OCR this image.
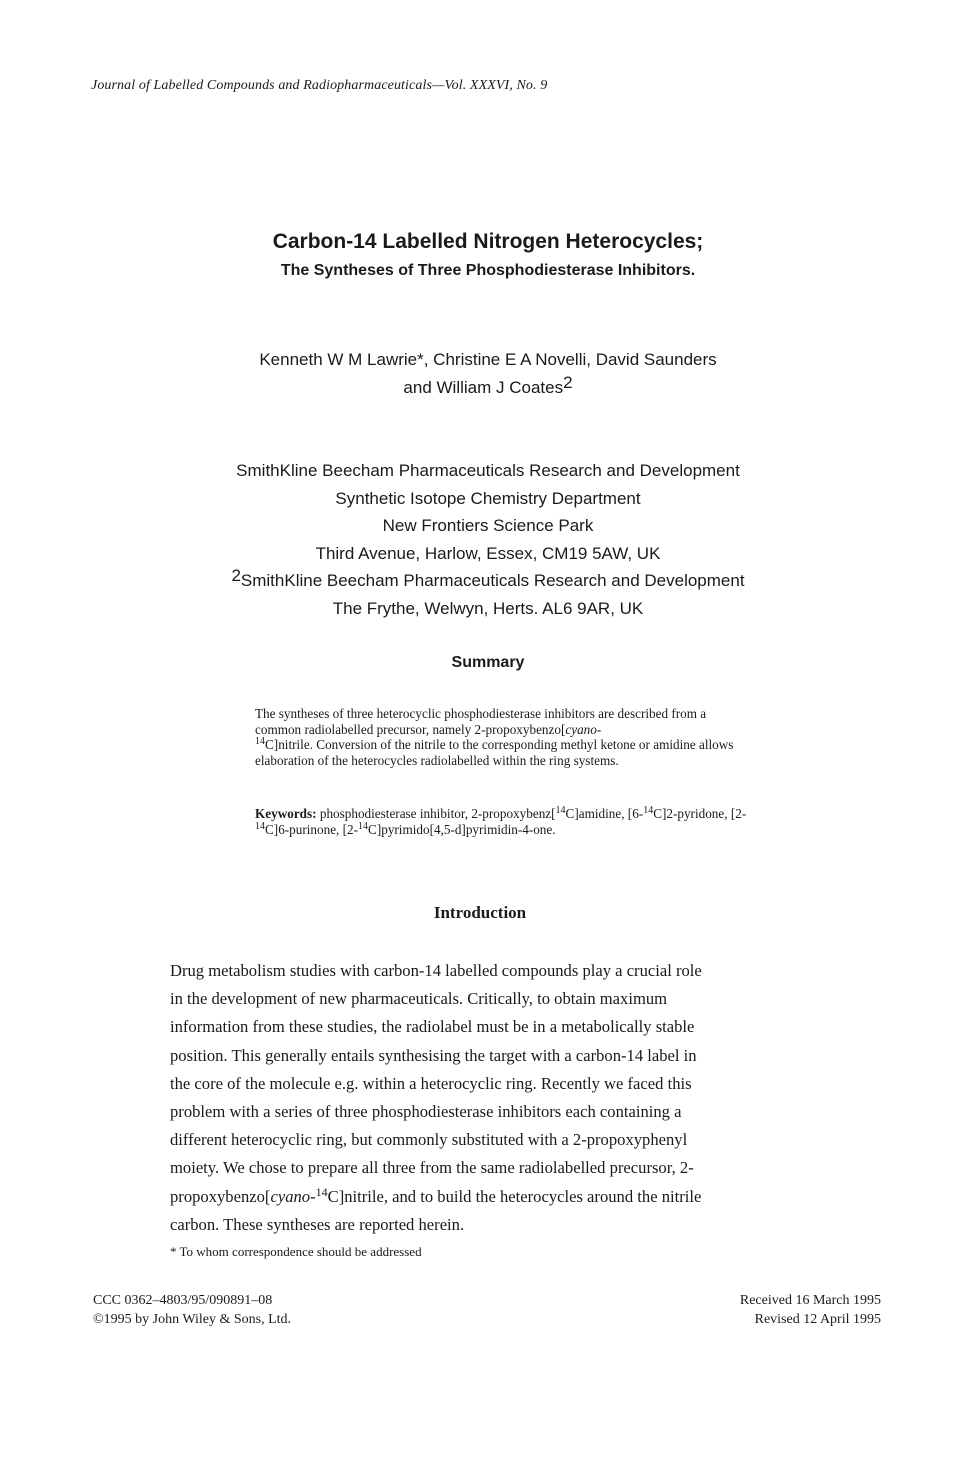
Journal of Labelled Compounds and Radiopharmaceuticals—Vol. XXXVI, No. 9
Carbon-14 Labelled Nitrogen Heterocycles;
The Syntheses of Three Phosphodiesterase Inhibitors.
Kenneth W M Lawrie*, Christine E A Novelli, David Saunders
and William J Coates$^2$
SmithKline Beecham Pharmaceuticals Research and Development
Synthetic Isotope Chemistry Department
New Frontiers Science Park
Third Avenue, Harlow, Essex, CM19 5AW, UK
$^2$SmithKline Beecham Pharmaceuticals Research and Development
The Frythe, Welwyn, Herts. AL6 9AR, UK
Summary
The syntheses of three heterocyclic phosphodiesterase inhibitors are described from a common radiolabelled precursor, namely 2-propoxybenzo[cyano-
$^{14}$C]nitrile. Conversion of the nitrile to the corresponding methyl ketone or amidine allows elaboration of the heterocycles radiolabelled within the ring systems.
Keywords: phosphodiesterase inhibitor, 2-propoxybenz[$^{14}$C]amidine, [6-$^{14}$C]2-pyridone, [2-$^{14}$C]6-purinone, [2-$^{14}$C]pyrimido[4,5-d]pyrimidin-4-one.
Introduction
Drug metabolism studies with carbon-14 labelled compounds play a crucial role
in the development of new pharmaceuticals. Critically, to obtain maximum
information from these studies, the radiolabel must be in a metabolically stable
position. This generally entails synthesising the target with a carbon-14 label in
the core of the molecule e.g. within a heterocyclic ring. Recently we faced this
problem with a series of three phosphodiesterase inhibitors each containing a
different heterocyclic ring, but commonly substituted with a 2-propoxyphenyl
moiety. We chose to prepare all three from the same radiolabelled precursor, 2-
propoxybenzo[cyano-$^{14}$C]nitrile, and to build the heterocycles around the nitrile
carbon. These syntheses are reported herein.
* To whom correspondence should be addressed
CCC 0362–4803/95/090891–08
©1995 by John Wiley & Sons, Ltd.
Received 16 March 1995
Revised 12 April 1995
